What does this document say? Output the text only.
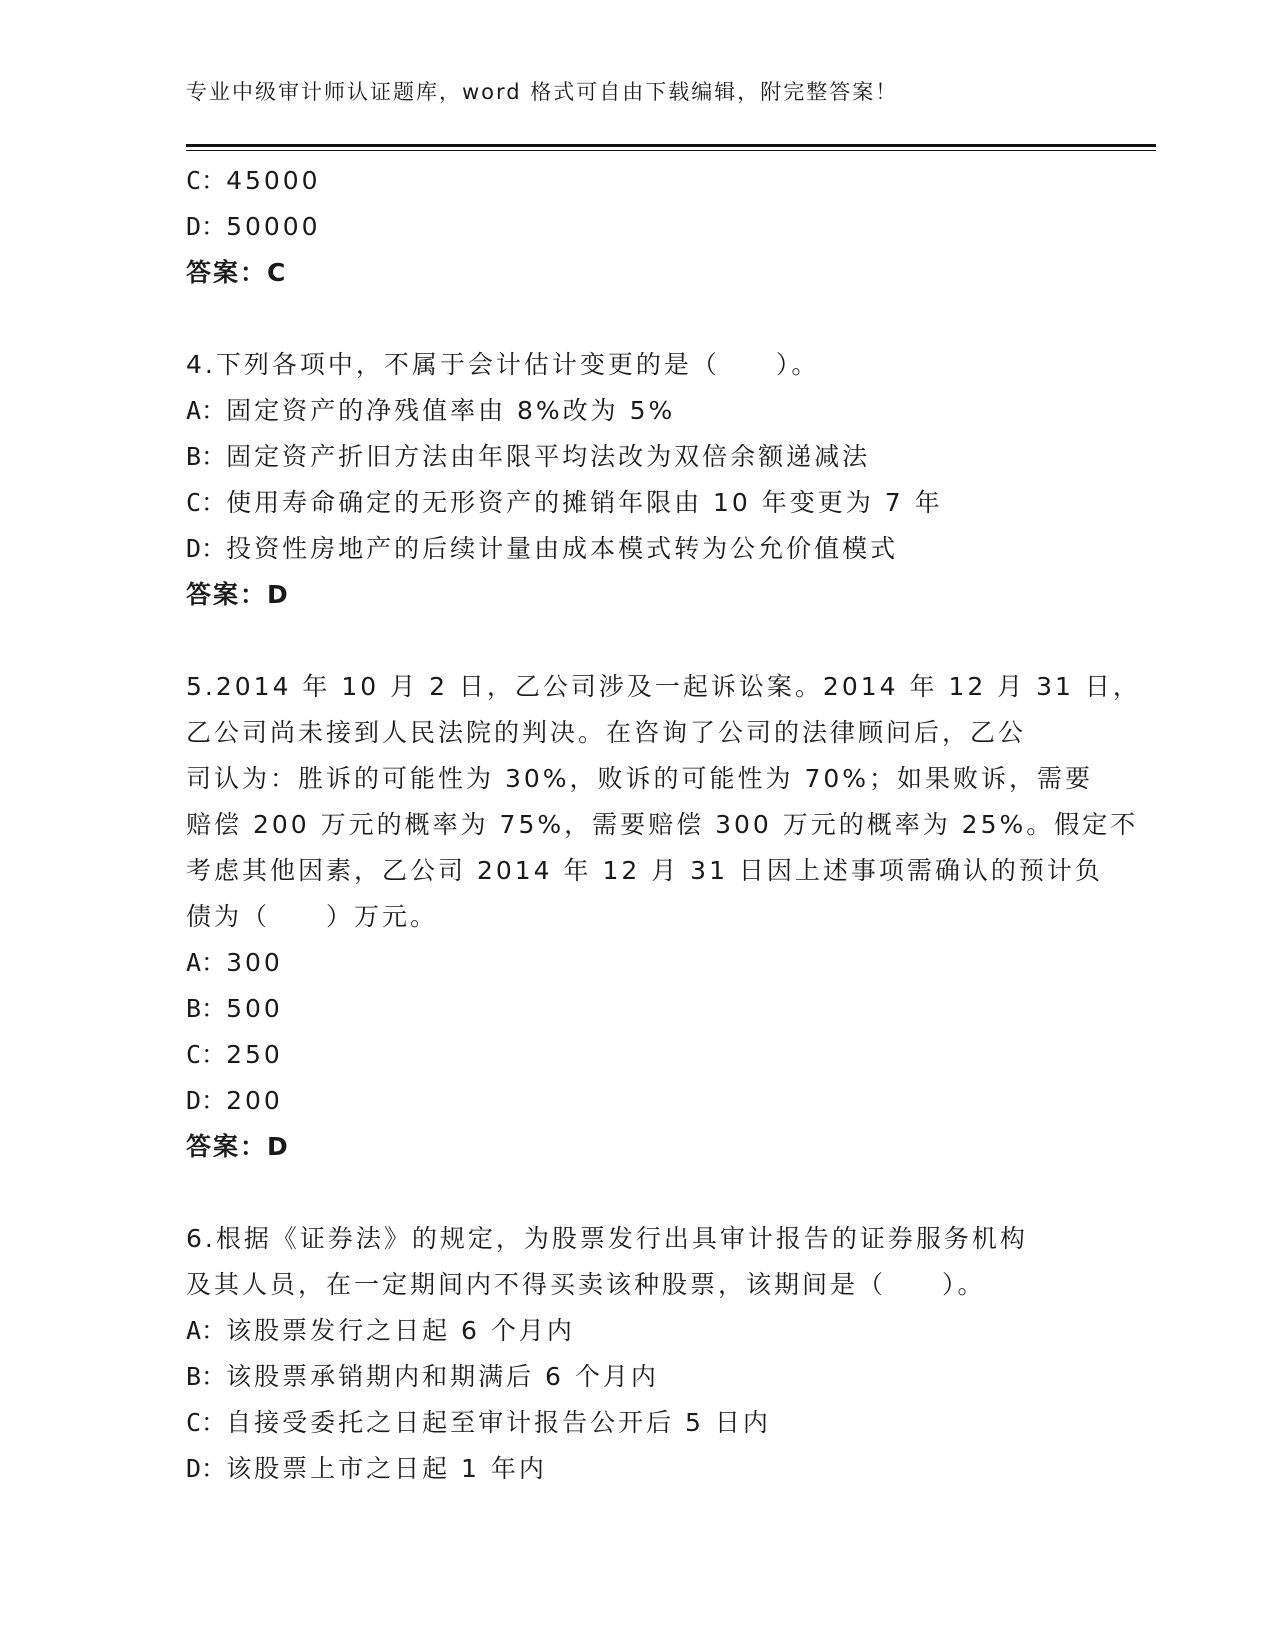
专业中级审计师认证题库，word 格式可自由下载编辑，附完整答案！
C：45000
D：50000
答案：C
4.下列各项中，不属于会计估计变更的是（　　）。
A：固定资产的净残值率由 8%改为 5%
B：固定资产折旧方法由年限平均法改为双倍余额递减法
C：使用寿命确定的无形资产的摊销年限由 10 年变更为 7 年
D：投资性房地产的后续计量由成本模式转为公允价值模式
答案：D
5.2014 年 10 月 2 日，乙公司涉及一起诉讼案。2014 年 12 月 31 日，
乙公司尚未接到人民法院的判决。在咨询了公司的法律顾问后，乙公
司认为：胜诉的可能性为 30%，败诉的可能性为 70%；如果败诉，需要
赔偿 200 万元的概率为 75%，需要赔偿 300 万元的概率为 25%。假定不
考虑其他因素，乙公司 2014 年 12 月 31 日因上述事项需确认的预计负
债为（　　）万元。
A：300
B：500
C：250
D：200
答案：D
6.根据《证券法》的规定，为股票发行出具审计报告的证券服务机构
及其人员，在一定期间内不得买卖该种股票，该期间是（　　）。
A：该股票发行之日起 6 个月内
B：该股票承销期内和期满后 6 个月内
C：自接受委托之日起至审计报告公开后 5 日内
D：该股票上市之日起 1 年内
